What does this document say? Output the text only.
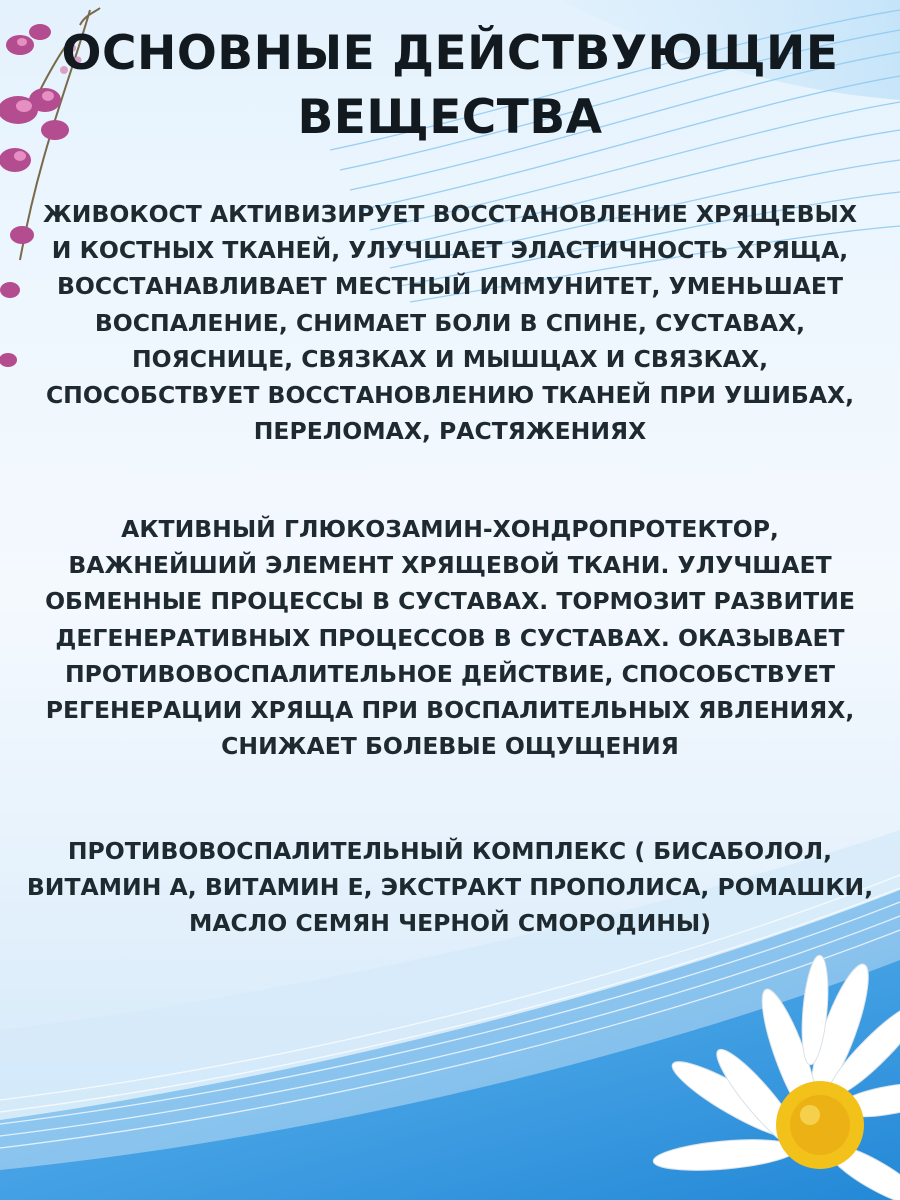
ОСНОВНЫЕ ДЕЙСТВУЮЩИЕ
ВЕЩЕСТВА
ЖИВОКОСТ АКТИВИЗИРУЕТ ВОССТАНОВЛЕНИЕ ХРЯЩЕВЫХ
И КОСТНЫХ ТКАНЕЙ, УЛУЧШАЕТ ЭЛАСТИЧНОСТЬ ХРЯЩА,
ВОССТАНАВЛИВАЕТ МЕСТНЫЙ ИММУНИТЕТ, УМЕНЬШАЕТ
ВОСПАЛЕНИЕ, СНИМАЕТ БОЛИ В СПИНЕ, СУСТАВАХ,
ПОЯСНИЦЕ, СВЯЗКАХ И МЫШЦАХ И СВЯЗКАХ,
СПОСОБСТВУЕТ ВОССТАНОВЛЕНИЮ ТКАНЕЙ ПРИ УШИБАХ,
ПЕРЕЛОМАХ, РАСТЯЖЕНИЯХ
АКТИВНЫЙ ГЛЮКОЗАМИН-ХОНДРОПРОТЕКТОР,
ВАЖНЕЙШИЙ ЭЛЕМЕНТ ХРЯЩЕВОЙ ТКАНИ. УЛУЧШАЕТ
ОБМЕННЫЕ ПРОЦЕССЫ В СУСТАВАХ. ТОРМОЗИТ РАЗВИТИЕ
ДЕГЕНЕРАТИВНЫХ ПРОЦЕССОВ В СУСТАВАХ. ОКАЗЫВАЕТ
ПРОТИВОВОСПАЛИТЕЛЬНОЕ ДЕЙСТВИЕ, СПОСОБСТВУЕТ
РЕГЕНЕРАЦИИ ХРЯЩА ПРИ ВОСПАЛИТЕЛЬНЫХ ЯВЛЕНИЯХ,
СНИЖАЕТ БОЛЕВЫЕ ОЩУЩЕНИЯ
ПРОТИВОВОСПАЛИТЕЛЬНЫЙ КОМПЛЕКС ( БИСАБОЛОЛ,
ВИТАМИН А, ВИТАМИН Е, ЭКСТРАКТ ПРОПОЛИСА, РОМАШКИ,
МАСЛО СЕМЯН ЧЕРНОЙ СМОРОДИНЫ)
